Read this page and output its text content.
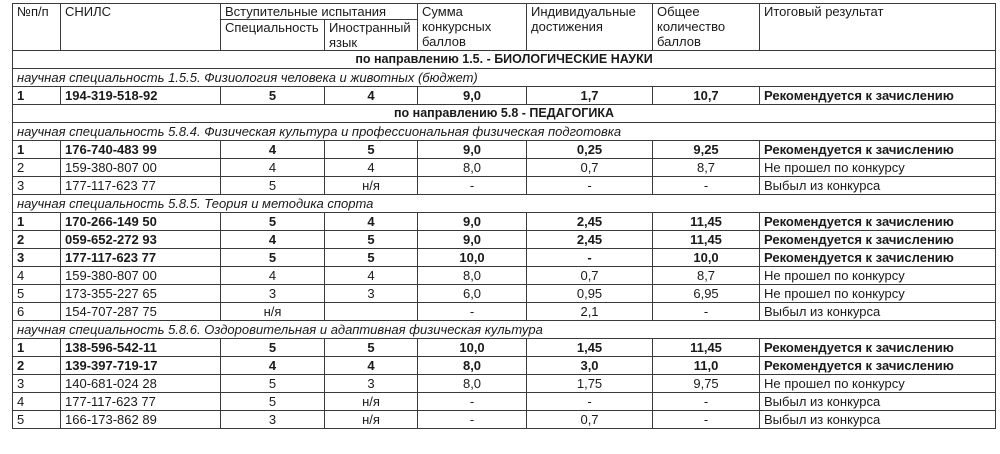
№п/п	СНИЛС	Вступительные испытания		Сумма конкурсных баллов	Индивидуальные достижения	Общее количество баллов	Итоговый результат
		Специальность	Иностранный язык				
по направлению 1.5. - БИОЛОГИЧЕСКИЕ НАУКИ							
научная специальность 1.5.5. Физиология человека и животных (бюджет)							
1	194-319-518-92	5	4	9,0	1,7	10,7	Рекомендуется к зачислению
по направлению 5.8 - ПЕДАГОГИКА							
научная специальность 5.8.4. Физическая культура и профессиональная физическая подготовка							
1	176-740-483 99	4	5	9,0	0,25	9,25	Рекомендуется к зачислению
2	159-380-807 00	4	4	8,0	0,7	8,7	Не прошел по конкурсу
3	177-117-623 77	5	н/я	-	-	-	Выбыл из конкурса
научная специальность 5.8.5. Теория и методика спорта							
1	170-266-149 50	5	4	9,0	2,45	11,45	Рекомендуется к зачислению
2	059-652-272 93	4	5	9,0	2,45	11,45	Рекомендуется к зачислению
3	177-117-623 77	5	5	10,0	-	10,0	Рекомендуется к зачислению
4	159-380-807 00	4	4	8,0	0,7	8,7	Не прошел по конкурсу
5	173-355-227 65	3	3	6,0	0,95	6,95	Не прошел по конкурсу
6	154-707-287 75	н/я		-	2,1	-	Выбыл из конкурса
научная специальность 5.8.6. Оздоровительная и адаптивная физическая культура							
1	138-596-542-11	5	5	10,0	1,45	11,45	Рекомендуется к зачислению
2	139-397-719-17	4	4	8,0	3,0	11,0	Рекомендуется к зачислению
3	140-681-024 28	5	3	8,0	1,75	9,75	Не прошел по конкурсу
4	177-117-623 77	5	н/я	-	-	-	Выбыл из конкурса
5	166-173-862 89	3	н/я	-	0,7	-	Выбыл из конкурса
